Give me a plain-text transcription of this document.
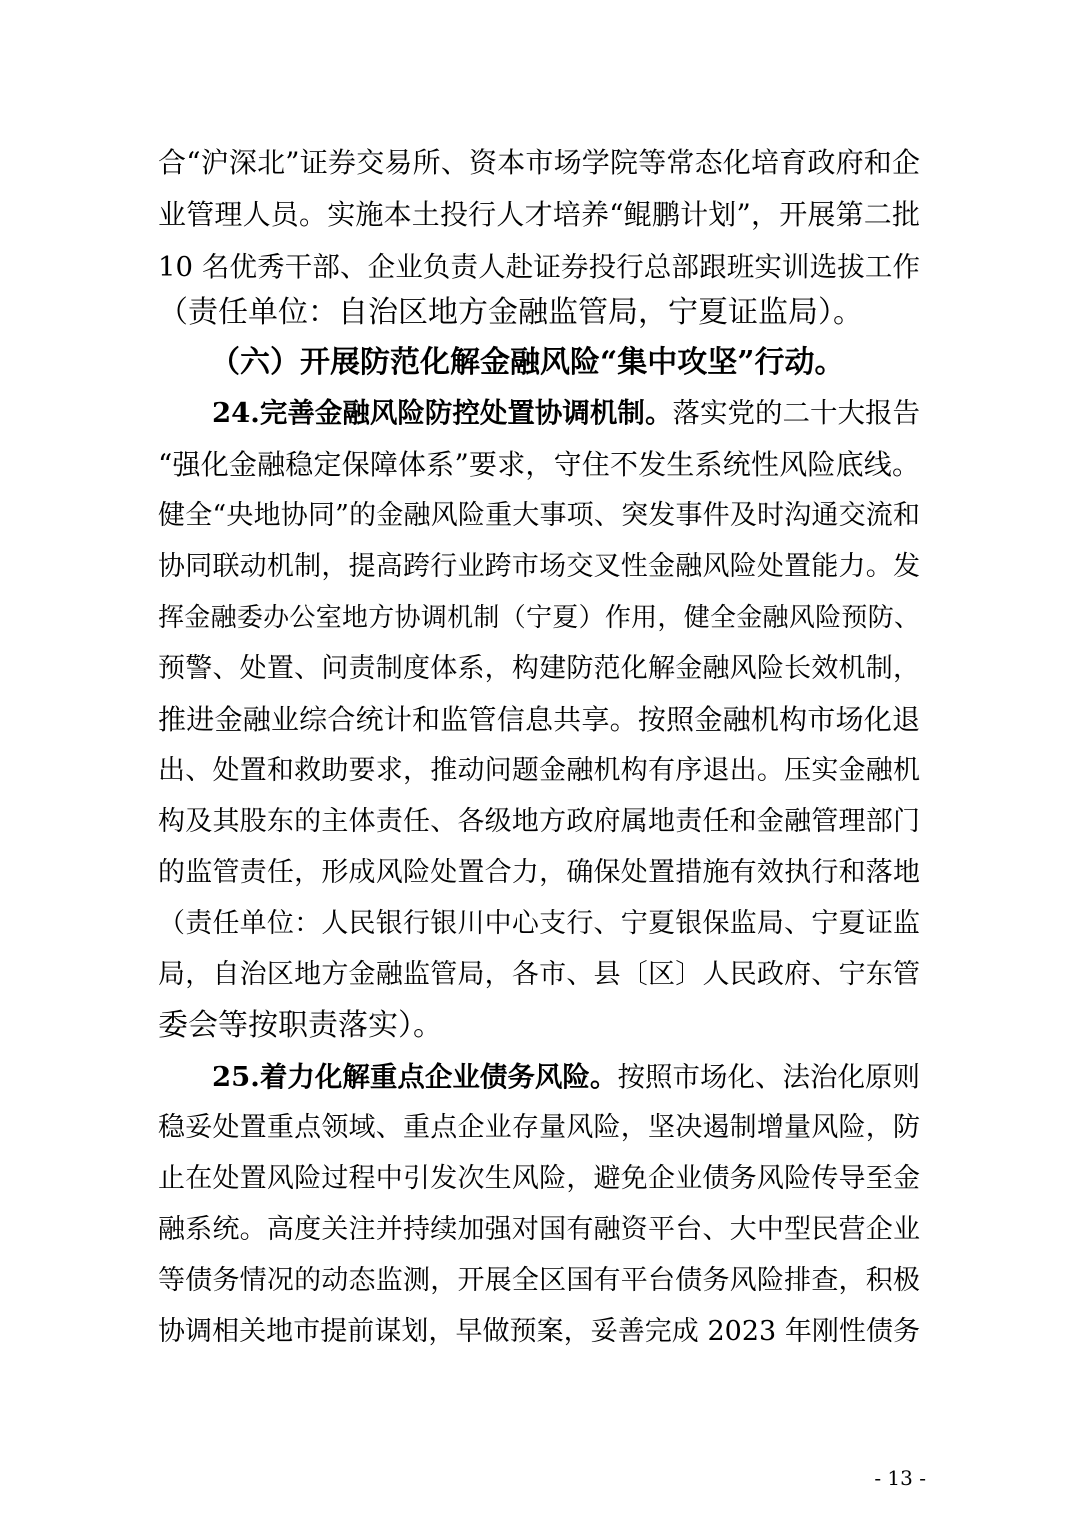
合“沪深北”证券交易所、资本市场学院等常态化培育政府和企
业管理人员。实施本土投行人才培养“鲲鹏计划”，开展第二批
10 名优秀干部、企业负责人赴证券投行总部跟班实训选拔工作
（责任单位：自治区地方金融监管局，宁夏证监局）。
（六）开展防范化解金融风险“集中攻坚”行动。
24.完善金融风险防控处置协调机制。落实党的二十大报告
“强化金融稳定保障体系”要求，守住不发生系统性风险底线。
健全“央地协同”的金融风险重大事项、突发事件及时沟通交流和
协同联动机制，提高跨行业跨市场交叉性金融风险处置能力。发
挥金融委办公室地方协调机制（宁夏）作用，健全金融风险预防、
预警、处置、问责制度体系，构建防范化解金融风险长效机制，
推进金融业综合统计和监管信息共享。按照金融机构市场化退
出、处置和救助要求，推动问题金融机构有序退出。压实金融机
构及其股东的主体责任、各级地方政府属地责任和金融管理部门
的监管责任，形成风险处置合力，确保处置措施有效执行和落地
（责任单位：人民银行银川中心支行、宁夏银保监局、宁夏证监
局，自治区地方金融监管局，各市、县〔区〕人民政府、宁东管
委会等按职责落实）。
25.着力化解重点企业债务风险。按照市场化、法治化原则
稳妥处置重点领域、重点企业存量风险，坚决遏制增量风险，防
止在处置风险过程中引发次生风险，避免企业债务风险传导至金
融系统。高度关注并持续加强对国有融资平台、大中型民营企业
等债务情况的动态监测，开展全区国有平台债务风险排查，积极
协调相关地市提前谋划，早做预案，妥善完成 2023 年刚性债务
- 13 -
